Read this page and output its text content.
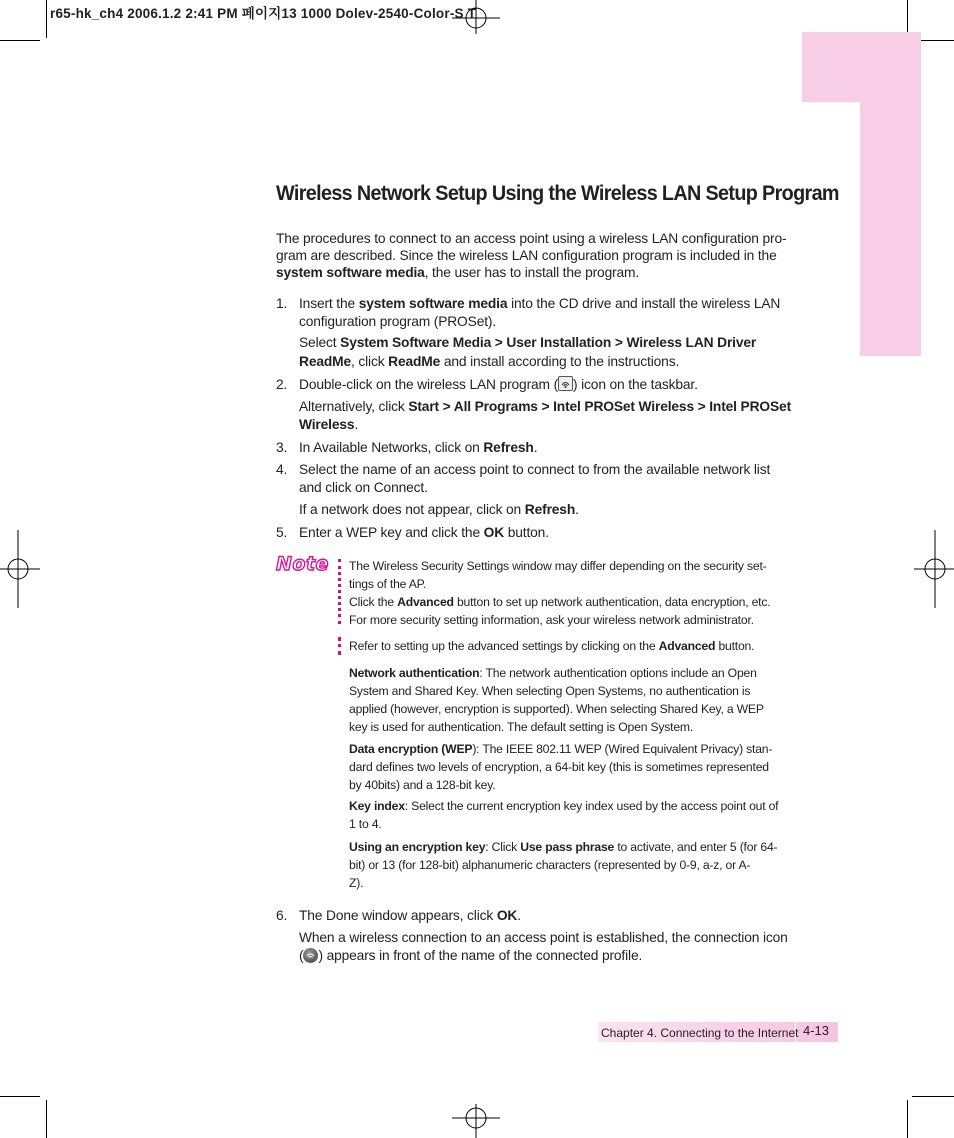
r65-hk_ch4 2006.1.2 2:41 PM 페이지13 1000 Dolev-2540-Color-S T
Wireless Network Setup Using the Wireless LAN Setup Program
The procedures to connect to an access point using a wireless LAN configuration pro-
gram are described. Since the wireless LAN configuration program is included in the
system software media, the user has to install the program.
1. Insert the system software media into the CD drive and install the wireless LAN
configuration program (PROSet).
Select System Software Media > User Installation > Wireless LAN Driver
ReadMe, click ReadMe and install according to the instructions.
2. Double-click on the wireless LAN program ( ) icon on the taskbar.
Alternatively, click Start > All Programs > Intel PROSet Wireless > Intel PROSet
Wireless.
3. In Available Networks, click on Refresh.
4. Select the name of an access point to connect to from the available network list
and click on Connect.
If a network does not appear, click on Refresh.
5. Enter a WEP key and click the OK button.
Note The Wireless Security Settings window may differ depending on the security set-
tings of the AP.
Click the Advanced button to set up network authentication, data encryption, etc.
For more security setting information, ask your wireless network administrator.
Refer to setting up the advanced settings by clicking on the Advanced button.
Network authentication: The network authentication options include an Open
System and Shared Key. When selecting Open Systems, no authentication is
applied (however, encryption is supported). When selecting Shared Key, a WEP
key is used for authentication. The default setting is Open System.
Data encryption (WEP): The IEEE 802.11 WEP (Wired Equivalent Privacy) stan-
dard defines two levels of encryption, a 64-bit key (this is sometimes represented
by 40bits) and a 128-bit key.
Key index: Select the current encryption key index used by the access point out of
1 to 4.
Using an encryption key: Click Use pass phrase to activate, and enter 5 (for 64-
bit) or 13 (for 128-bit) alphanumeric characters (represented by 0-9, a-z, or A-
Z).
6. The Done window appears, click OK.
When a wireless connection to an access point is established, the connection icon
( ) appears in front of the name of the connected profile.
Chapter 4. Connecting to the Internet 4-13
